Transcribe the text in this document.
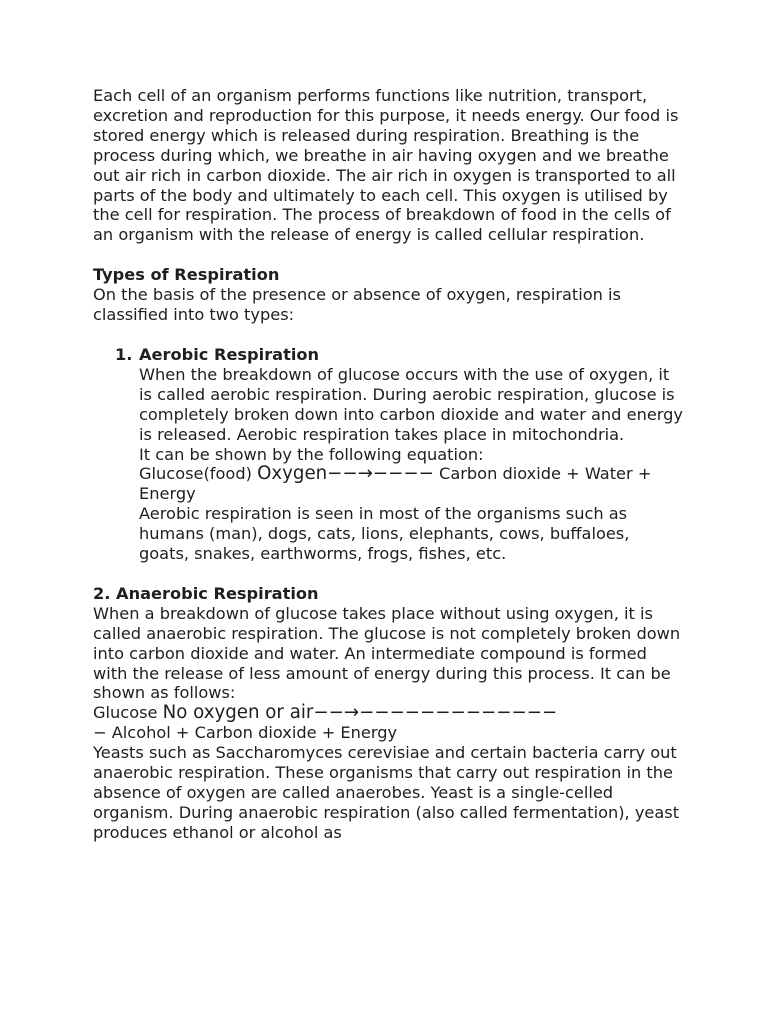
Each cell of an organism performs functions like nutrition, transport, excretion and reproduction for this purpose, it needs energy. Our food is stored energy which is released during respiration. Breathing is the process during which, we breathe in air having oxygen and we breathe out air rich in carbon dioxide. The air rich in oxygen is transported to all parts of the body and ultimately to each cell. This oxygen is utilised by the cell for respiration. The process of breakdown of food in the cells of an organism with the release of energy is called cellular respiration.

Types of Respiration

On the basis of the presence or absence of oxygen, respiration is classified into two types:

1. Aerobic Respiration

When the breakdown of glucose occurs with the use of oxygen, it is called aerobic respiration. During aerobic respiration, glucose is completely broken down into carbon dioxide and water and energy is released. Aerobic respiration takes place in mitochondria.

It can be shown by the following equation:

Glucose(food) Oxygen−−→−−−− Carbon dioxide + Water + Energy

Aerobic respiration is seen in most of the organisms such as humans (man), dogs, cats, lions, elephants, cows, buffaloes, goats, snakes, earthworms, frogs, fishes, etc.

2. Anaerobic Respiration

When a breakdown of glucose takes place without using oxygen, it is called anaerobic respiration. The glucose is not completely broken down into carbon dioxide and water. An intermediate compound is formed with the release of less amount of energy during this process. It can be shown as follows:

Glucose No oxygen or air−−→−−−−−−−−−−−−−

− Alcohol + Carbon dioxide + Energy

Yeasts such as Saccharomyces cerevisiae and certain bacteria carry out anaerobic respiration. These organisms that carry out respiration in the absence of oxygen are called anaerobes. Yeast is a single-celled organism. During anaerobic respiration (also called fermentation), yeast produces ethanol or alcohol as
